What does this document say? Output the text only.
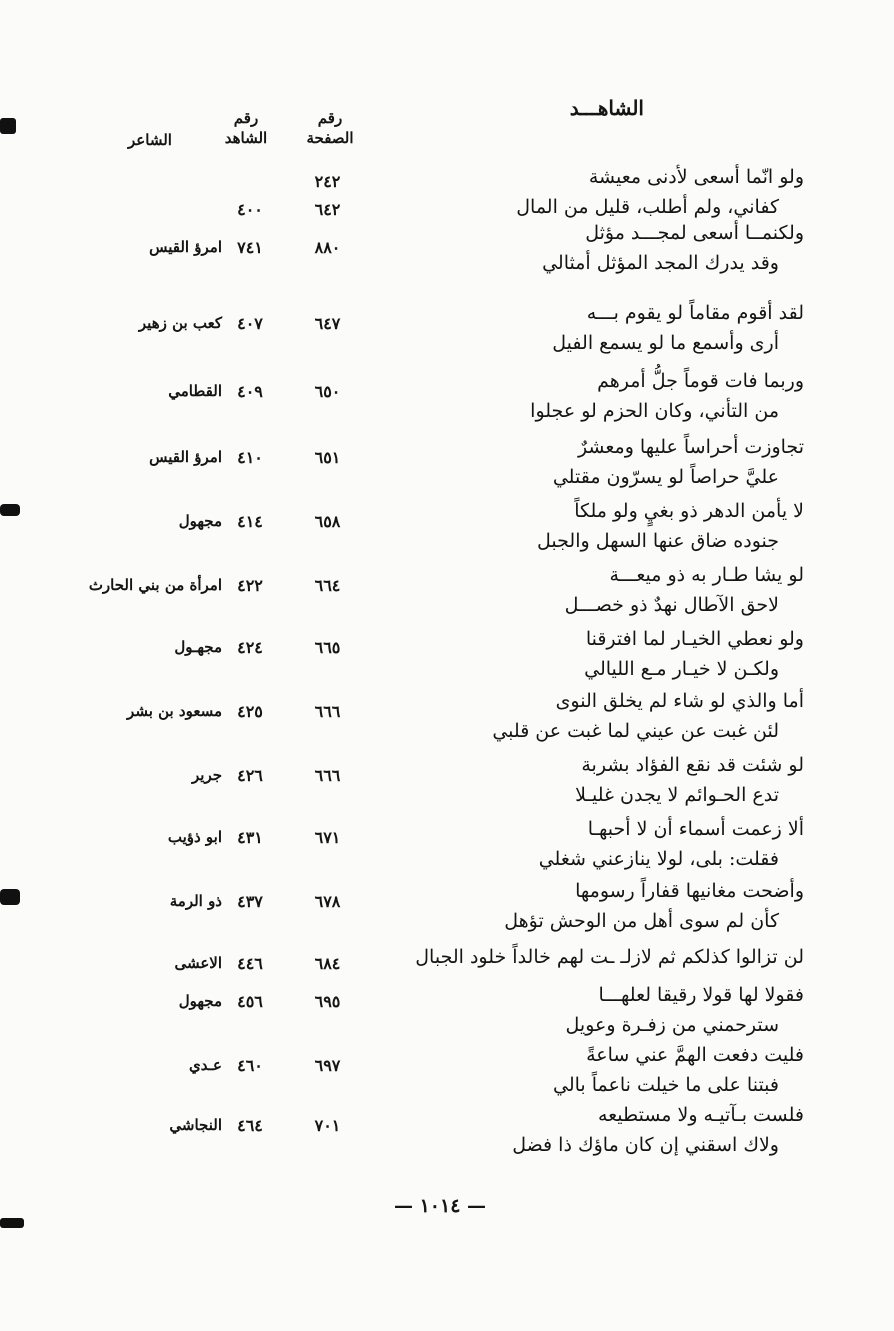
الشاهـــد
رقم الصفحة
رقم الشاهد
الشاعر
ولو انّما أسعى لأدنى معيشة
كفاني، ولم أطلب، قليل من المال
٢٤٢
٦٤٢
٤٠٠
ولكنمــا أسعى لمجـــد مؤثل
وقد يدرك المجد المؤثل أمثالي
٨٨٠
٧٤١
امرؤ القيس
لقد أقوم مقاماً لو يقوم بـــه
أرى وأسمع ما لو يسمع الفيل
٦٤٧
٤٠٧
كعب بن زهير
وربما فات قوماً جلُّ أمرهم
من التأني، وكان الحزم لو عجلوا
٦٥٠
٤٠٩
القطامي
تجاوزت أحراساً عليها ومعشرٌ
عليَّ حراصاً لو يسرّون مقتلي
٦٥١
٤١٠
امرؤ القيس
لا يأمن الدهر ذو بغيٍ ولو ملكاً
جنوده ضاق عنها السهل والجبل
٦٥٨
٤١٤
مجهول
لو يشا طـار به ذو ميعـــة
لاحق الآطال نهدٌ ذو خصـــل
٦٦٤
٤٢٢
امرأة من بني الحارث
ولو نعطي الخيـار لما افترقنا
ولكـن لا خيـار مـع الليالي
٦٦٥
٤٢٤
مجهـول
أما والذي لو شاء لم يخلق النوى
لئن غبت عن عيني لما غبت عن قلبي
٦٦٦
٤٢٥
مسعود بن بشر
لو شئت قد نقع الفؤاد بشربة
تدع الحـوائم لا يجدن غليـلا
٦٦٦
٤٢٦
جرير
ألا زعمت أسماء أن لا أحبهـا
فقلت: بلى، لولا ينازعني شغلي
٦٧١
٤٣١
ابو ذؤيب
وأضحت مغانيها قفاراً رسومها
كأن لم سوى أهل من الوحش تؤهل
٦٧٨
٤٣٧
ذو الرمة
لن تزالوا كذلكم ثم لازلـ ـت لهم خالداً خلود الجبال
٦٨٤
٤٤٦
الاعشى
فقولا لها قولا رقيقا لعلهـــا
سترحمني من زفـرة وعويل
٦٩٥
٤٥٦
مجهول
فليت دفعت الهمَّ عني ساعةً
فبتنا على ما خيلت ناعماً بالي
٦٩٧
٤٦٠
عـدي
فلست بـآتيـه ولا مستطيعه
ولاك اسقني إن كان ماؤك ذا فضل
٧٠١
٤٦٤
النجاشي
— ١٠١٤ —
